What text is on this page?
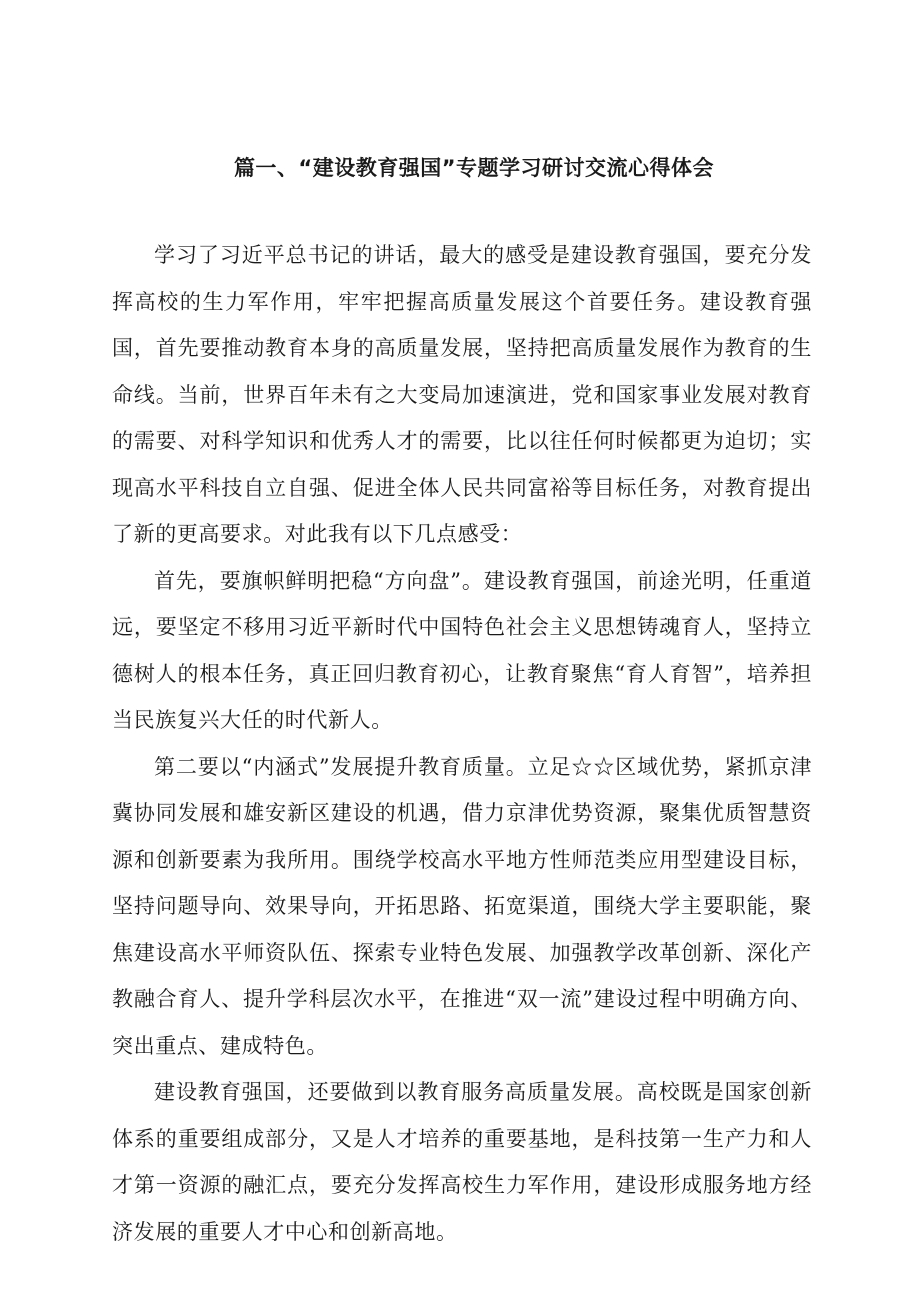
篇一、“建设教育强国”专题学习研讨交流心得体会

学习了习近平总书记的讲话，最大的感受是建设教育强国，要充分发挥高校的生力军作用，牢牢把握高质量发展这个首要任务。建设教育强国，首先要推动教育本身的高质量发展，坚持把高质量发展作为教育的生命线。当前，世界百年未有之大变局加速演进，党和国家事业发展对教育的需要、对科学知识和优秀人才的需要，比以往任何时候都更为迫切；实现高水平科技自立自强、促进全体人民共同富裕等目标任务，对教育提出了新的更高要求。对此我有以下几点感受：

首先，要旗帜鲜明把稳“方向盘”。建设教育强国，前途光明，任重道远，要坚定不移用习近平新时代中国特色社会主义思想铸魂育人，坚持立德树人的根本任务，真正回归教育初心，让教育聚焦“育人育智”，培养担当民族复兴大任的时代新人。

第二要以“内涵式”发展提升教育质量。立足☆☆区域优势，紧抓京津冀协同发展和雄安新区建设的机遇，借力京津优势资源，聚集优质智慧资源和创新要素为我所用。围绕学校高水平地方性师范类应用型建设目标，坚持问题导向、效果导向，开拓思路、拓宽渠道，围绕大学主要职能，聚焦建设高水平师资队伍、探索专业特色发展、加强教学改革创新、深化产教融合育人、提升学科层次水平，在推进“双一流”建设过程中明确方向、突出重点、建成特色。

建设教育强国，还要做到以教育服务高质量发展。高校既是国家创新体系的重要组成部分，又是人才培养的重要基地，是科技第一生产力和人才第一资源的融汇点，要充分发挥高校生力军作用，建设形成服务地方经济发展的重要人才中心和创新高地。
